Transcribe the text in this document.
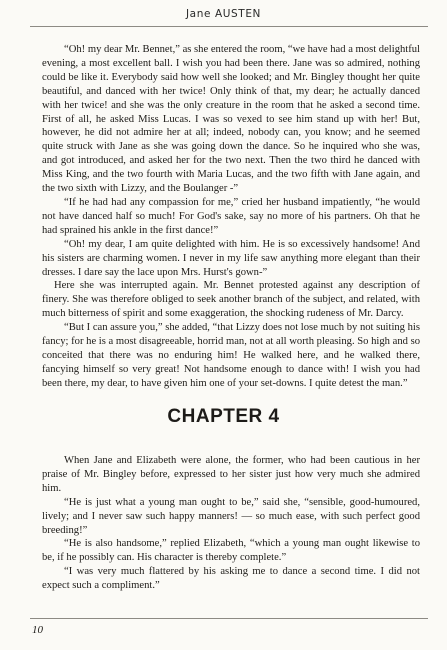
Jane AUSTEN

“Oh! my dear Mr. Bennet,” as she entered the room, “we have had a most delightful evening, a most excellent ball. I wish you had been there. Jane was so admired, nothing could be like it. Everybody said how well she looked; and Mr. Bingley thought her quite beautiful, and danced with her twice! Only think of that, my dear; he actually danced with her twice! and she was the only creature in the room that he asked a second time. First of all, he asked Miss Lucas. I was so vexed to see him stand up with her! But, however, he did not admire her at all; indeed, nobody can, you know; and he seemed quite struck with Jane as she was going down the dance. So he inquired who she was, and got introduced, and asked her for the two next. Then the two third he danced with Miss King, and the two fourth with Maria Lucas, and the two fifth with Jane again, and the two sixth with Lizzy, and the Boulanger -”

“If he had had any compassion for me,” cried her husband impatiently, “he would not have danced half so much! For God's sake, say no more of his partners. Oh that he had sprained his ankle in the first dance!”

“Oh! my dear, I am quite delighted with him. He is so excessively handsome! And his sisters are charming women. I never in my life saw anything more elegant than their dresses. I dare say the lace upon Mrs. Hurst's gown-”

Here she was interrupted again. Mr. Bennet protested against any description of finery. She was therefore obliged to seek another branch of the subject, and related, with much bitterness of spirit and some exaggeration, the shocking rudeness of Mr. Darcy.

“But I can assure you,” she added, “that Lizzy does not lose much by not suiting his fancy; for he is a most disagreeable, horrid man, not at all worth pleasing. So high and so conceited that there was no enduring him! He walked here, and he walked there, fancying himself so very great! Not handsome enough to dance with! I wish you had been there, my dear, to have given him one of your set-downs. I quite detest the man.”

CHAPTER 4

When Jane and Elizabeth were alone, the former, who had been cautious in her praise of Mr. Bingley before, expressed to her sister just how very much she admired him.

“He is just what a young man ought to be,” said she, “sensible, good-humoured, lively; and I never saw such happy manners! — so much ease, with such perfect good breeding!”

“He is also handsome,” replied Elizabeth, “which a young man ought likewise to be, if he possibly can. His character is thereby complete.”

“I was very much flattered by his asking me to dance a second time. I did not expect such a compliment.”

10
